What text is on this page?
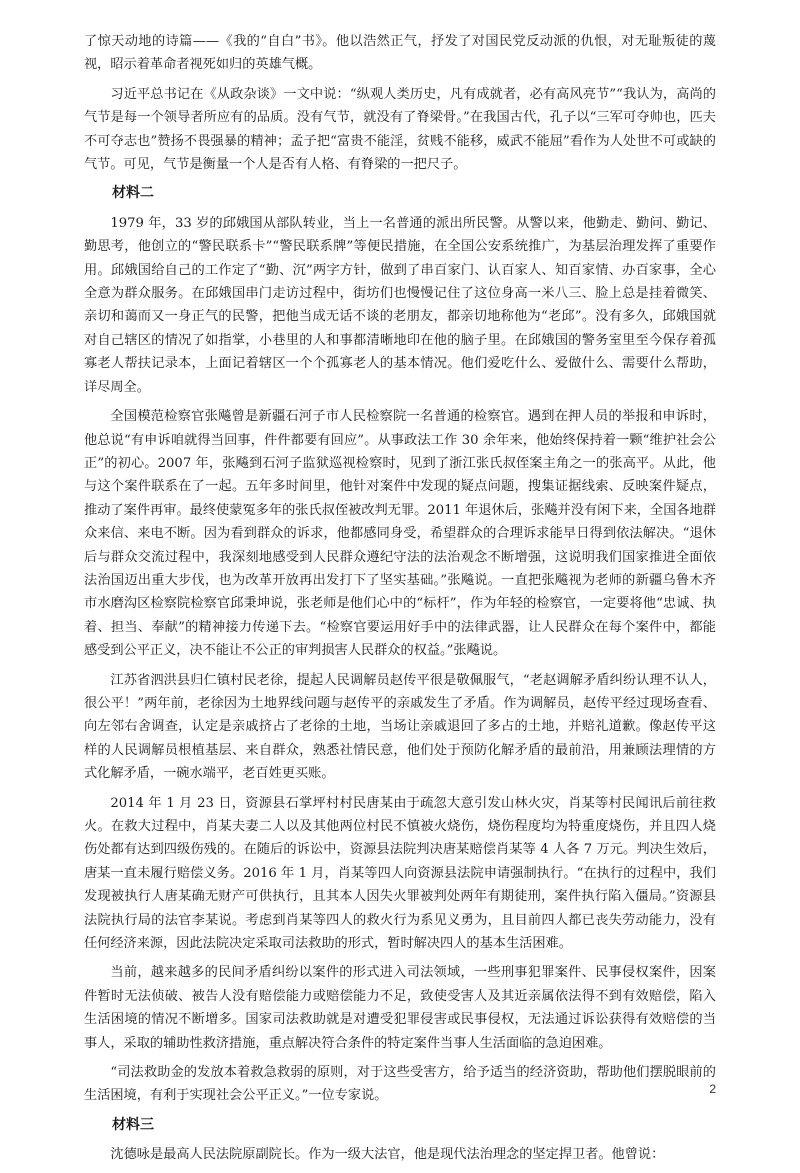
了惊天动地的诗篇——《我的“自白”书》。他以浩然正气，抒发了对国民党反动派的仇恨，对无耻叛徒的蔑视，昭示着革命者视死如归的英雄气概。

习近平总书记在《从政杂谈》一文中说：“纵观人类历史，凡有成就者，必有高风亮节”“我认为，高尚的气节是每一个领导者所应有的品质。没有气节，就没有了脊梁骨。”在我国古代，孔子以“三军可夺帅也，匹夫不可夺志也”赞扬不畏强暴的精神；孟子把“富贵不能淫，贫贱不能移，威武不能屈”看作为人处世不可或缺的气节。可见，气节是衡量一个人是否有人格、有脊梁的一把尺子。

材料二

1979 年，33 岁的邱娥国从部队转业，当上一名普通的派出所民警。从警以来，他勤走、勤问、勤记、勤思考，他创立的“警民联系卡”“警民联系牌”等便民措施，在全国公安系统推广，为基层治理发挥了重要作用。邱娥国给自己的工作定了“勤、沉”两字方针，做到了串百家门、认百家人、知百家情、办百家事，全心全意为群众服务。在邱娥国串门走访过程中，街坊们也慢慢记住了这位身高一米八三、脸上总是挂着微笑、亲切和蔼而又一身正气的民警，把他当成无话不谈的老朋友，都亲切地称他为“老邱”。没有多久，邱娥国就对自己辖区的情况了如指掌，小巷里的人和事都清晰地印在他的脑子里。在邱娥国的警务室里至今保存着孤寡老人帮扶记录本，上面记着辖区一个个孤寡老人的基本情况。他们爱吃什么、爱做什么、需要什么帮助，详尽周全。

全国模范检察官张飚曾是新疆石河子市人民检察院一名普通的检察官。遇到在押人员的举报和申诉时，他总说“有申诉咱就得当回事，件件都要有回应”。从事政法工作 30 余年来，他始终保持着一颗“维护社会公正”的初心。2007 年，张飚到石河子监狱巡视检察时，见到了浙江张氏叔侄案主角之一的张高平。从此，他与这个案件联系在了一起。五年多时间里，他针对案件中发现的疑点问题，搜集证据线索、反映案件疑点，推动了案件再审。最终使蒙冤多年的张氏叔侄被改判无罪。2011 年退休后，张飚并没有闲下来，全国各地群众来信、来电不断。因为看到群众的诉求，他都感同身受，希望群众的合理诉求能早日得到依法解决。“退休后与群众交流过程中，我深刻地感受到人民群众遵纪守法的法治观念不断增强，这说明我们国家推进全面依法治国迈出重大步伐，也为改革开放再出发打下了坚实基础。”张飚说。一直把张飚视为老师的新疆乌鲁木齐市水磨沟区检察院检察官邱秉坤说，张老师是他们心中的“标杆”，作为年轻的检察官，一定要将他“忠诚、执着、担当、奉献”的精神接力传递下去。“检察官要运用好手中的法律武器，让人民群众在每个案件中，都能感受到公平正义，决不能让不公正的审判损害人民群众的权益。”张飚说。

江苏省泗洪县归仁镇村民老徐，提起人民调解员赵传平很是敬佩服气，“老赵调解矛盾纠纷认理不认人，很公平！”两年前，老徐因为土地界线问题与赵传平的亲戚发生了矛盾。作为调解员，赵传平经过现场查看、向左邻右舍调查，认定是亲戚挤占了老徐的土地，当场让亲戚退回了多占的土地，并赔礼道歉。像赵传平这样的人民调解员根植基层、来自群众，熟悉社情民意，他们处于预防化解矛盾的最前沿，用兼顾法理情的方式化解矛盾，一碗水端平，老百姓更买账。

2014 年 1 月 23 日，资源县石掌坪村村民唐某由于疏忽大意引发山林火灾，肖某等村民闻讯后前往救火。在救大过程中，肖某夫妻二人以及其他两位村民不慎被火烧伤，烧伤程度均为特重度烧伤，并且四人烧伤处都有达到四级伤残的。在随后的诉讼中，资源县法院判决唐某赔偿肖某等 4 人各 7 万元。判决生效后，唐某一直未履行赔偿义务。2016 年 1 月，肖某等四人向资源县法院申请强制执行。“在执行的过程中，我们发现被执行人唐某确无财产可供执行，且其本人因失火罪被判处两年有期徒刑，案件执行陷入僵局。”资源县法院执行局的法官李某说。考虑到肖某等四人的救火行为系见义勇为，且目前四人都已丧失劳动能力，没有任何经济来源，因此法院决定采取司法救助的形式，暂时解决四人的基本生活困难。

当前，越来越多的民间矛盾纠纷以案件的形式进入司法领域，一些刑事犯罪案件、民事侵权案件，因案件暂时无法侦破、被告人没有赔偿能力或赔偿能力不足，致使受害人及其近亲属依法得不到有效赔偿，陷入生活困境的情况不断增多。国家司法救助就是对遭受犯罪侵害或民事侵权，无法通过诉讼获得有效赔偿的当事人，采取的辅助性救济措施，重点解决符合条件的特定案件当事人生活面临的急迫困难。

“司法救助金的发放本着救急救弱的原则，对于这些受害方，给予适当的经济资助，帮助他们摆脱眼前的生活困境，有利于实现社会公平正义。”一位专家说。

材料三

沈德咏是最高人民法院原副院长。作为一级大法官，他是现代法治理念的坚定捍卫者。他曾说：

2
